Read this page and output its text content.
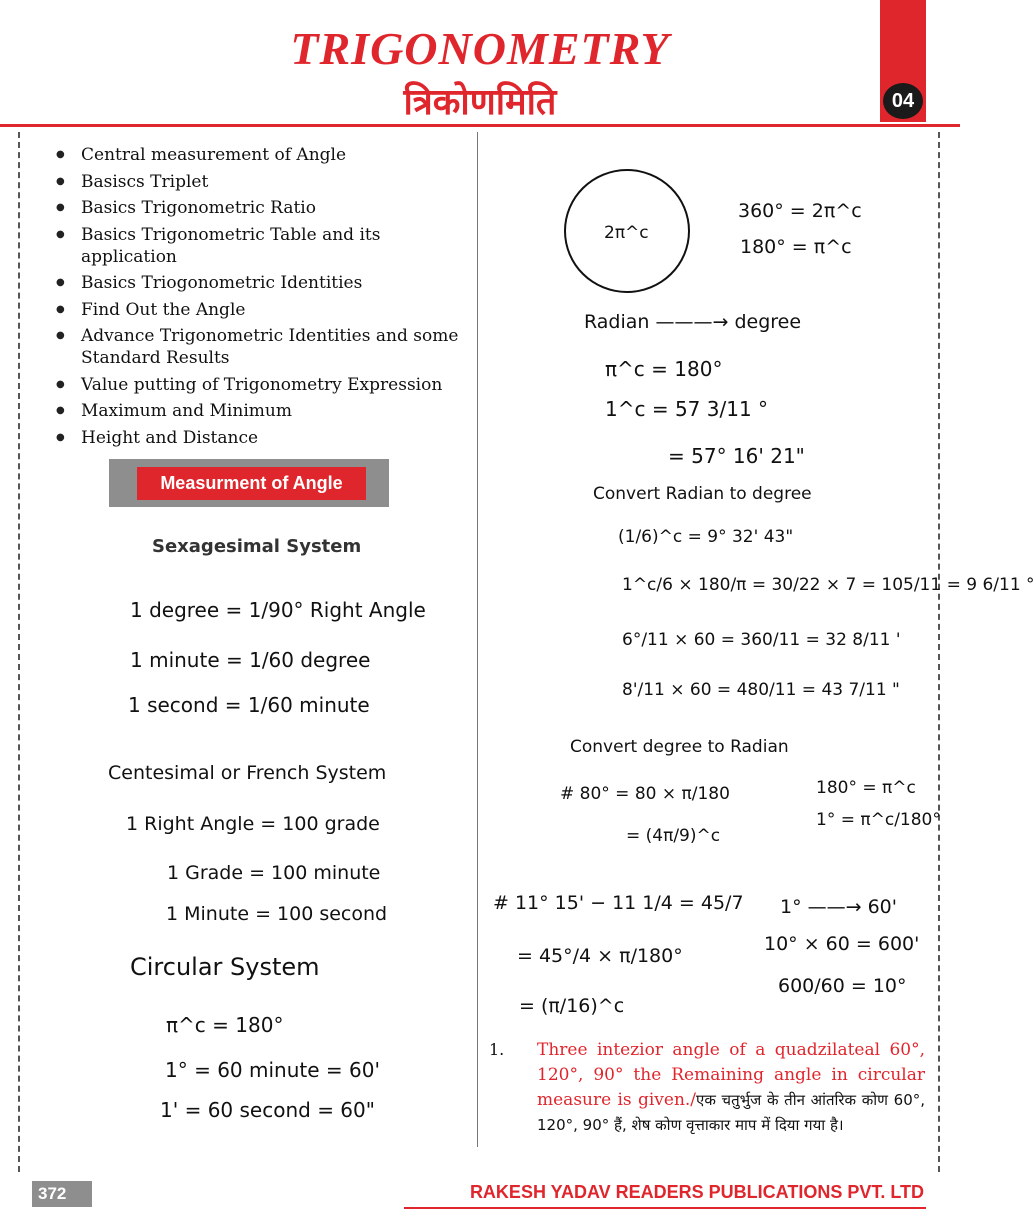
TRIGONOMETRY
त्रिकोणमिति	04
● Central measurement of Angle
● Basiscs Triplet
● Basics Trigonometric Ratio
● Basics Trigonometric Table and its application
● Basics Triogonometric Identities
● Find Out the Angle
● Advance Trigonometric Identities and some Standard Results
● Value putting of Trigonometry Expression
● Maximum and Minimum
● Height and Distance
Measurment of Angle
Sexagesimal System
1 degree = 1/90° Right Angle
1 minute = 1/60 degree
1 second = 1/60 minute
Centesimal or French System
1 Right Angle = 100 grade
1 Grade = 100 minute
1 Minute = 100 second
Circular System
π^c = 180°
1° = 60 minute = 60'
1' = 60 second = 60"
2π^c
360° = 2π^c
180° = π^c
Radian ———→ degree
π^c = 180°
1^c = 57 3/11 °
= 57° 16' 21"
Convert Radian to degree
(1/6)^c = 9° 32' 43"
1^c/6 × 180/π = 30/22 × 7 = 105/11 = 9 6/11 °
6°/11 × 60 = 360/11 = 32 8/11 '
8'/11 × 60 = 480/11 = 43 7/11 "
Convert degree to Radian
# 80° = 80 × π/180
= (4π/9)^c
180° = π^c
1° = π^c/180°
# 11° 15' − 11 1/4 = 45/7
= 45°/4 × π/180°
= (π/16)^c
1° ——→ 60'
10° × 60 = 600'
600/60 = 10°
1. Three intezior angle of a quadzilateal 60°, 120°, 90° the Remaining angle in circular measure is given./एक चतुर्भुज के तीन आंतरिक कोण 60°, 120°, 90° हैं, शेष कोण वृत्ताकार माप में दिया गया है।
372	RAKESH YADAV READERS PUBLICATIONS PVT. LTD
